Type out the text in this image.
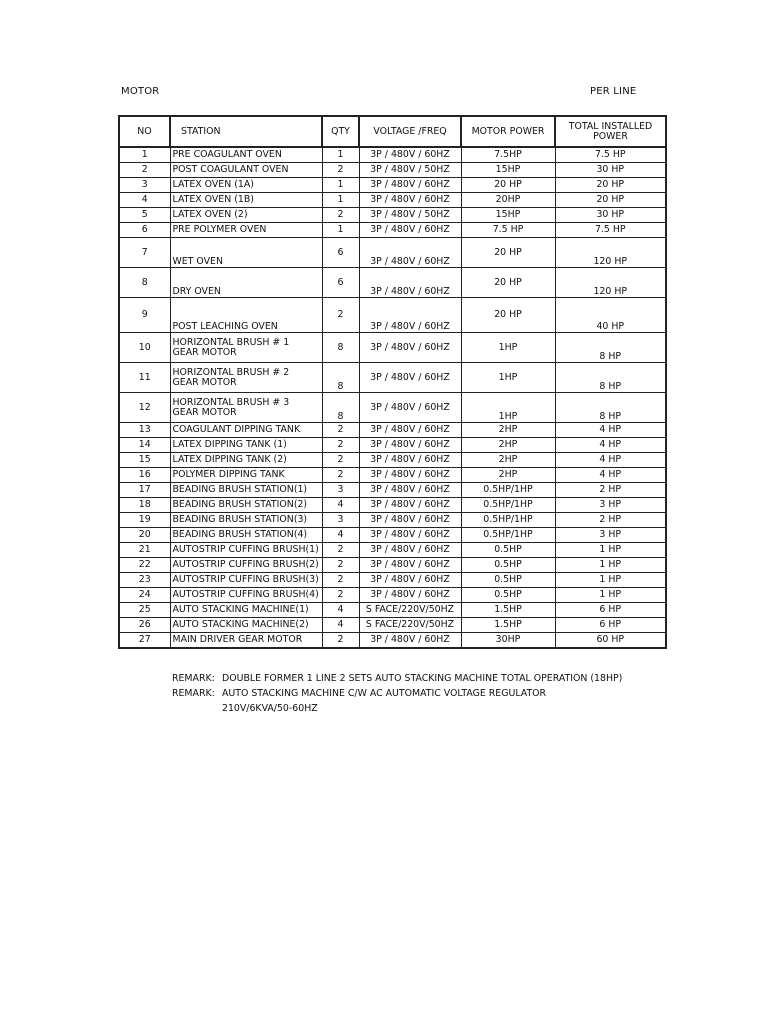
MOTOR	PER LINE
NO	STATION	QTY	VOLTAGE /FREQ	MOTOR POWER	TOTAL INSTALLED POWER
1	PRE COAGULANT OVEN	1	3P / 480V / 60HZ	7.5HP	7.5 HP
2	POST COAGULANT OVEN	2	3P / 480V / 50HZ	15HP	30 HP
3	LATEX OVEN (1A)	1	3P / 480V / 60HZ	20 HP	20 HP
4	LATEX OVEN (1B)	1	3P / 480V / 60HZ	20HP	20 HP
5	LATEX OVEN (2)	2	3P / 480V / 50HZ	15HP	30 HP
6	PRE POLYMER OVEN	1	3P / 480V / 60HZ	7.5 HP	7.5 HP
7	WET OVEN	6	3P / 480V / 60HZ	20 HP	120 HP
8	DRY OVEN	6	3P / 480V / 60HZ	20 HP	120 HP
9	POST LEACHING OVEN	2	3P / 480V / 60HZ	20 HP	40 HP
10	HORIZONTAL BRUSH # 1
GEAR MOTOR	8	3P / 480V / 60HZ	1HP	8 HP
11	HORIZONTAL BRUSH # 2
GEAR MOTOR	8	3P / 480V / 60HZ	1HP	8 HP
12	HORIZONTAL BRUSH # 3
GEAR MOTOR	8	3P / 480V / 60HZ	1HP	8 HP
13	COAGULANT DIPPING TANK	2	3P / 480V / 60HZ	2HP	4 HP
14	LATEX DIPPING TANK (1)	2	3P / 480V / 60HZ	2HP	4 HP
15	LATEX DIPPING TANK (2)	2	3P / 480V / 60HZ	2HP	4 HP
16	POLYMER DIPPING TANK	2	3P / 480V / 60HZ	2HP	4 HP
17	BEADING BRUSH STATION(1)	3	3P / 480V / 60HZ	0.5HP/1HP	2 HP
18	BEADING BRUSH STATION(2)	4	3P / 480V / 60HZ	0.5HP/1HP	3 HP
19	BEADING BRUSH STATION(3)	3	3P / 480V / 60HZ	0.5HP/1HP	2 HP
20	BEADING BRUSH STATION(4)	4	3P / 480V / 60HZ	0.5HP/1HP	3 HP
21	AUTOSTRIP CUFFING BRUSH(1)	2	3P / 480V / 60HZ	0.5HP	1 HP
22	AUTOSTRIP CUFFING BRUSH(2)	2	3P / 480V / 60HZ	0.5HP	1 HP
23	AUTOSTRIP CUFFING BRUSH(3)	2	3P / 480V / 60HZ	0.5HP	1 HP
24	AUTOSTRIP CUFFING BRUSH(4)	2	3P / 480V / 60HZ	0.5HP	1 HP
25	AUTO STACKING MACHINE(1)	4	S FACE/220V/50HZ	1.5HP	6 HP
26	AUTO STACKING MACHINE(2)	4	S FACE/220V/50HZ	1.5HP	6 HP
27	MAIN DRIVER GEAR MOTOR	2	3P / 480V / 60HZ	30HP	60 HP
REMARK: DOUBLE FORMER 1 LINE 2 SETS AUTO STACKING MACHINE TOTAL OPERATION (18HP)
REMARK: AUTO STACKING MACHINE C/W AC AUTOMATIC VOLTAGE REGULATOR
210V/6KVA/50-60HZ
